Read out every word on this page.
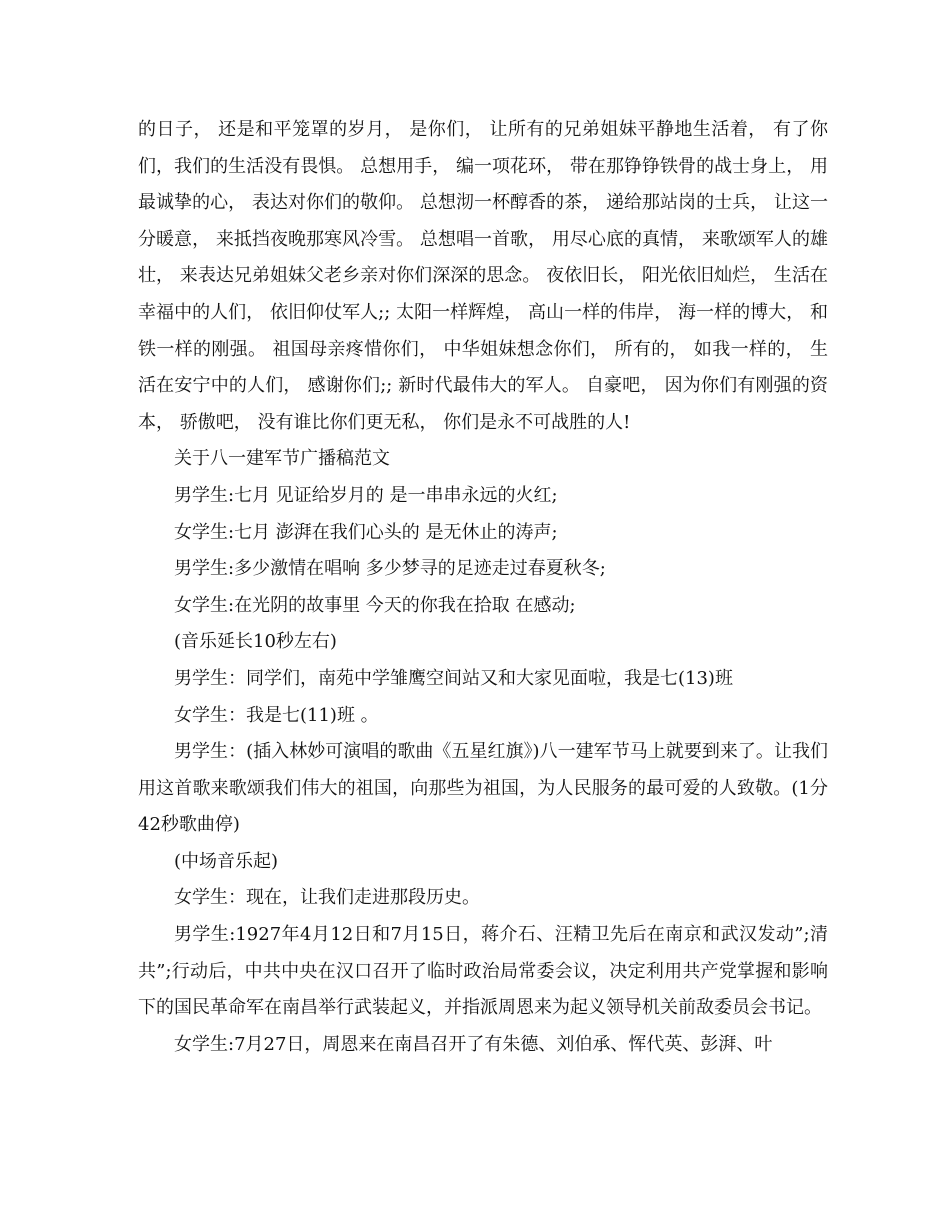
的日子， 还是和平笼罩的岁月， 是你们， 让所有的兄弟姐妹平静地生活着， 有了你们，我们的生活没有畏惧。 总想用手， 编一项花环， 带在那铮铮铁骨的战士身上， 用最诚挚的心， 表达对你们的敬仰。 总想沏一杯醇香的茶， 递给那站岗的士兵， 让这一分暖意， 来抵挡夜晚那寒风冷雪。 总想唱一首歌， 用尽心底的真情， 来歌颂军人的雄壮， 来表达兄弟姐妹父老乡亲对你们深深的思念。 夜依旧长， 阳光依旧灿烂， 生活在幸福中的人们， 依旧仰仗军人;; 太阳一样辉煌， 高山一样的伟岸， 海一样的博大， 和铁一样的刚强。 祖国母亲疼惜你们， 中华姐妹想念你们， 所有的， 如我一样的， 生活在安宁中的人们， 感谢你们;; 新时代最伟大的军人。 自豪吧， 因为你们有刚强的资本， 骄傲吧， 没有谁比你们更无私， 你们是永不可战胜的人!

关于八一建军节广播稿范文

男学生:七月 见证给岁月的 是一串串永远的火红;

女学生:七月 澎湃在我们心头的 是无休止的涛声;

男学生:多少激情在唱响 多少梦寻的足迹走过春夏秋冬;

女学生:在光阴的故事里 今天的你我在拾取 在感动;

(音乐延长10秒左右)

男学生：同学们，南苑中学雏鹰空间站又和大家见面啦，我是七(13)班

女学生：我是七(11)班 。

男学生：(插入林妙可演唱的歌曲《五星红旗》)八一建军节马上就要到来了。让我们用这首歌来歌颂我们伟大的祖国，向那些为祖国，为人民服务的最可爱的人致敬。(1分42秒歌曲停)

(中场音乐起)

女学生：现在，让我们走进那段历史。

男学生:1927年4月12日和7月15日，蒋介石、汪精卫先后在南京和武汉发动”;清共”;行动后，中共中央在汉口召开了临时政治局常委会议，决定利用共产党掌握和影响下的国民革命军在南昌举行武装起义，并指派周恩来为起义领导机关前敌委员会书记。

女学生:7月27日，周恩来在南昌召开了有朱德、刘伯承、恽代英、彭湃、叶
